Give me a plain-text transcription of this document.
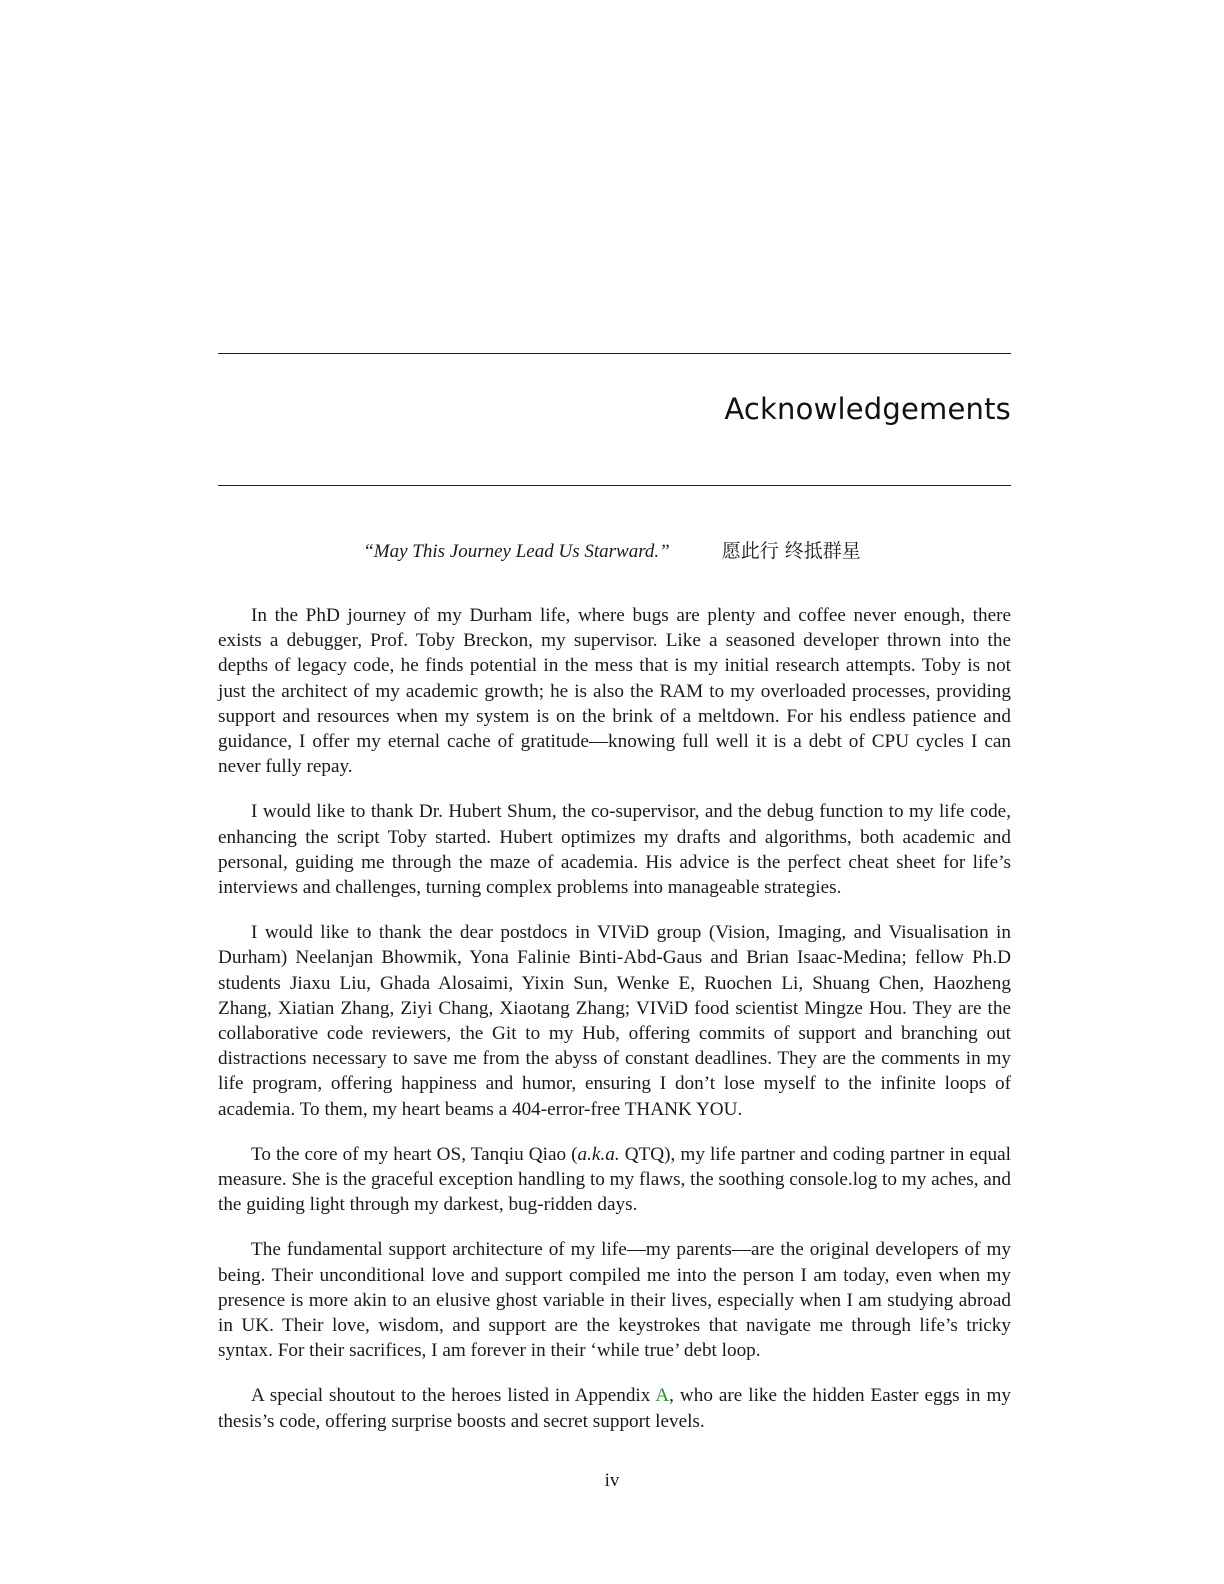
Acknowledgements
“May This Journey Lead Us Starward.”	愿此行 终抵群星

In the PhD journey of my Durham life, where bugs are plenty and coffee never enough, there exists a debugger, Prof. Toby Breckon, my supervisor. Like a seasoned developer thrown into the depths of legacy code, he finds potential in the mess that is my initial research attempts. Toby is not just the architect of my academic growth; he is also the RAM to my overloaded processes, providing support and resources when my system is on the brink of a meltdown. For his endless patience and guidance, I offer my eternal cache of gratitude—knowing full well it is a debt of CPU cycles I can never fully repay.

I would like to thank Dr. Hubert Shum, the co-supervisor, and the debug function to my life code, enhancing the script Toby started. Hubert optimizes my drafts and algorithms, both academic and personal, guiding me through the maze of academia. His advice is the perfect cheat sheet for life’s interviews and challenges, turning complex problems into manageable strategies.

I would like to thank the dear postdocs in VIViD group (Vision, Imaging, and Visualisation in Durham) Neelanjan Bhowmik, Yona Falinie Binti-Abd-Gaus and Brian Isaac-Medina; fellow Ph.D students Jiaxu Liu, Ghada Alosaimi, Yixin Sun, Wenke E, Ruochen Li, Shuang Chen, Haozheng Zhang, Xiatian Zhang, Ziyi Chang, Xiaotang Zhang; VIViD food scientist Mingze Hou. They are the collaborative code reviewers, the Git to my Hub, offering commits of support and branching out distractions necessary to save me from the abyss of constant deadlines. They are the comments in my life program, offering happiness and humor, ensuring I don’t lose myself to the infinite loops of academia. To them, my heart beams a 404-error-free THANK YOU.

To the core of my heart OS, Tanqiu Qiao (a.k.a. QTQ), my life partner and coding partner in equal measure. She is the graceful exception handling to my flaws, the soothing console.log to my aches, and the guiding light through my darkest, bug-ridden days.

The fundamental support architecture of my life—my parents—are the original developers of my being. Their unconditional love and support compiled me into the person I am today, even when my presence is more akin to an elusive ghost variable in their lives, especially when I am studying abroad in UK. Their love, wisdom, and support are the keystrokes that navigate me through life’s tricky syntax. For their sacrifices, I am forever in their ‘while true’ debt loop.

A special shoutout to the heroes listed in Appendix A, who are like the hidden Easter eggs in my thesis’s code, offering surprise boosts and secret support levels.

iv
